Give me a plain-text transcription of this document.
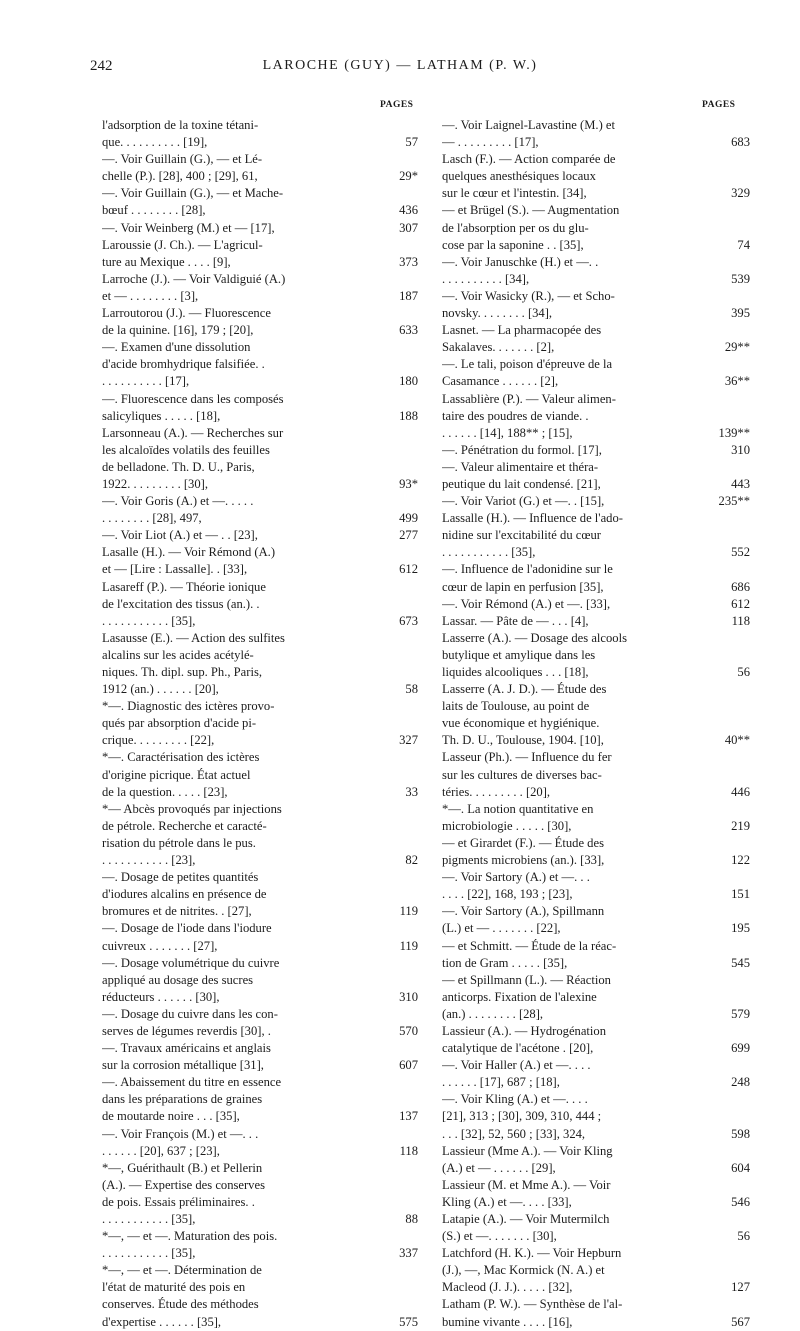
242	LAROCHE (GUY) — LATHAM (P. W.)
PAGES	PAGES
l'adsorption de la toxine tétani-
que. . . . . . . . . . [19],	57
—. Voir Guillain (G.), — et Lé-
chelle (P.). [28], 400 ; [29], 61,	29*
—. Voir Guillain (G.), — et Mache-
bœuf . . . . . . . . [28],	436
—. Voir Weinberg (M.) et — [17],	307
Laroussie (J. Ch.). — L'agricul-
ture au Mexique . . . . [9],	373
Larroche (J.). — Voir Valdiguié (A.)
et — . . . . . . . . [3],	187
Larroutorou (J.). — Fluorescence
de la quinine. [16], 179 ; [20],	633
—. Examen d'une dissolution
d'acide bromhydrique falsifiée. .
. . . . . . . . . . [17],	180
—. Fluorescence dans les composés
salicyliques . . . . . [18],	188
Larsonneau (A.). — Recherches sur
les alcaloïdes volatils des feuilles
de belladone. Th. D. U., Paris,
1922. . . . . . . . . [30],	93*
—. Voir Goris (A.) et —. . . . .
. . . . . . . . [28], 497,	499
—. Voir Liot (A.) et — . . [23],	277
Lasalle (H.). — Voir Rémond (A.)
et — [Lire : Lassalle]. . [33],	612
Lasareff (P.). — Théorie ionique
de l'excitation des tissus (an.). .
. . . . . . . . . . . [35],	673
Lasausse (E.). — Action des sulfites
alcalins sur les acides acétylé-
niques. Th. dipl. sup. Ph., Paris,
1912 (an.) . . . . . . [20],	58
*—. Diagnostic des ictères provo-
qués par absorption d'acide pi-
crique. . . . . . . . . [22],	327
*—. Caractérisation des ictères
d'origine picrique. État actuel
de la question. . . . . [23],	33
*— Abcès provoqués par injections
de pétrole. Recherche et caracté-
risation du pétrole dans le pus.
. . . . . . . . . . . [23],	82
—. Dosage de petites quantités
d'iodures alcalins en présence de
bromures et de nitrites. . [27],	119
—. Dosage de l'iode dans l'iodure
cuivreux . . . . . . . [27],	119
—. Dosage volumétrique du cuivre
appliqué au dosage des sucres
réducteurs . . . . . . [30],	310
—. Dosage du cuivre dans les con-
serves de légumes reverdis [30], .	570
—. Travaux américains et anglais
sur la corrosion métallique [31],	607
—. Abaissement du titre en essence
dans les préparations de graines
de moutarde noire . . . [35],	137
—. Voir François (M.) et —. . .
. . . . . . [20], 637 ; [23],	118
*—, Guérithault (B.) et Pellerin
(A.). — Expertise des conserves
de pois. Essais préliminaires. .
. . . . . . . . . . . [35],	88
*—, — et —. Maturation des pois.
. . . . . . . . . . . [35],	337
*—, — et —. Détermination de
l'état de maturité des pois en
conserves. Étude des méthodes
d'expertise . . . . . . [35],	575
—. Voir Laignel-Lavastine (M.) et
— . . . . . . . . . [17],	683
Lasch (F.). — Action comparée de
quelques anesthésiques locaux
sur le cœur et l'intestin. [34],	329
— et Brügel (S.). — Augmentation
de l'absorption per os du glu-
cose par la saponine . . [35],	74
—. Voir Januschke (H.) et —. .
. . . . . . . . . . [34],	539
—. Voir Wasicky (R.), — et Scho-
novsky. . . . . . . . [34],	395
Lasnet. — La pharmacopée des
Sakalaves. . . . . . . [2],	29**
—. Le tali, poison d'épreuve de la
Casamance . . . . . . [2],	36**
Lassablière (P.). — Valeur alimen-
taire des poudres de viande. .
. . . . . . [14], 188** ; [15],	139**
—. Pénétration du formol. [17],	310
—. Valeur alimentaire et théra-
peutique du lait condensé. [21],	443
—. Voir Variot (G.) et —. . [15],	235**
Lassalle (H.). — Influence de l'ado-
nidine sur l'excitabilité du cœur
. . . . . . . . . . . [35],	552
—. Influence de l'adonidine sur le
cœur de lapin en perfusion [35],	686
—. Voir Rémond (A.) et —. [33],	612
Lassar. — Pâte de — . . . [4],	118
Lasserre (A.). — Dosage des alcools
butylique et amylique dans les
liquides alcooliques . . . [18],	56
Lasserre (A. J. D.). — Étude des
laits de Toulouse, au point de
vue économique et hygiénique.
Th. D. U., Toulouse, 1904. [10],	40**
Lasseur (Ph.). — Influence du fer
sur les cultures de diverses bac-
téries. . . . . . . . . [20],	446
*—. La notion quantitative en
microbiologie . . . . . [30],	219
— et Girardet (F.). — Étude des
pigments microbiens (an.). [33],	122
—. Voir Sartory (A.) et —. . .
. . . . [22], 168, 193 ; [23],	151
—. Voir Sartory (A.), Spillmann
(L.) et — . . . . . . . [22],	195
— et Schmitt. — Étude de la réac-
tion de Gram . . . . . [35],	545
— et Spillmann (L.). — Réaction
anticorps. Fixation de l'alexine
(an.) . . . . . . . . [28],	579
Lassieur (A.). — Hydrogénation
catalytique de l'acétone . [20],	699
—. Voir Haller (A.) et —. . . .
. . . . . . [17], 687 ; [18],	248
—. Voir Kling (A.) et —. . . .
[21], 313 ; [30], 309, 310, 444 ;
. . . [32], 52, 560 ; [33], 324,	598
Lassieur (Mme A.). — Voir Kling
(A.) et — . . . . . . [29],	604
Lassieur (M. et Mme A.). — Voir
Kling (A.) et —. . . . [33],	546
Latapie (A.). — Voir Mutermilch
(S.) et —. . . . . . . [30],	56
Latchford (H. K.). — Voir Hepburn
(J.), —, Mac Kormick (N. A.) et
Macleod (J. J.). . . . . [32],	127
Latham (P. W.). — Synthèse de l'al-
bumine vivante . . . . [16],	567
